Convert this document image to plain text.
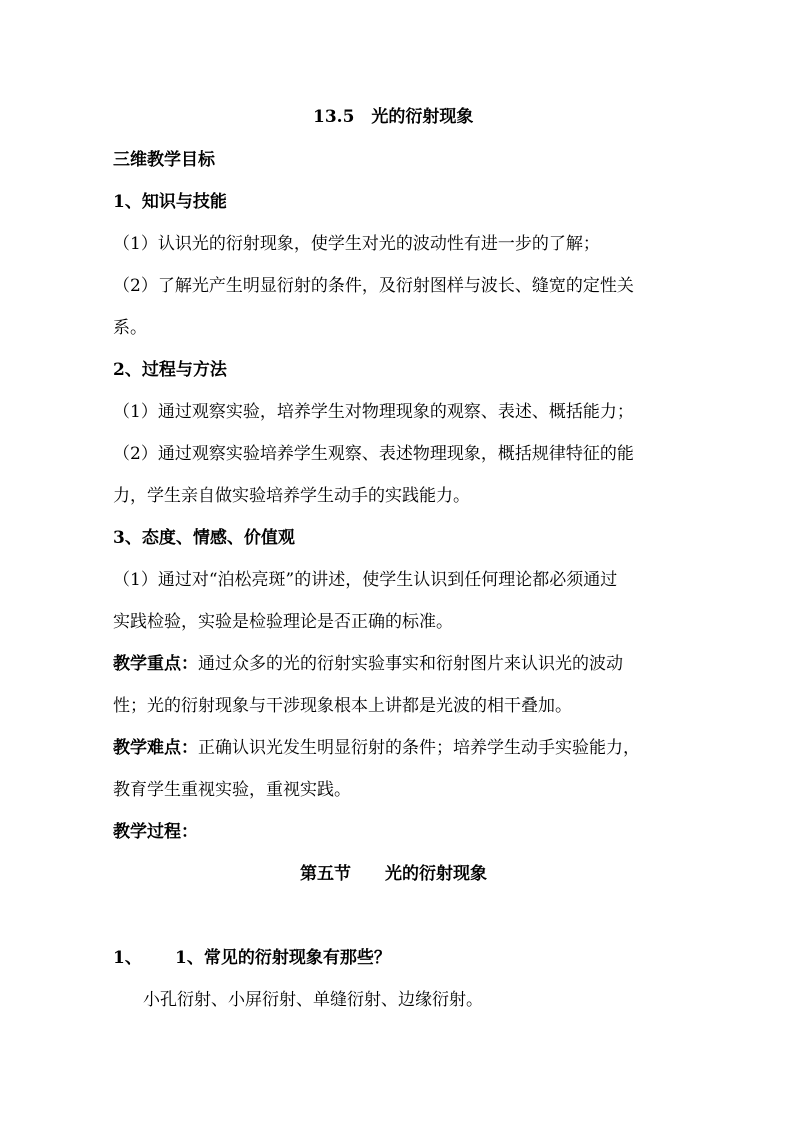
13.5　光的衍射现象
三维教学目标
1、知识与技能
（1）认识光的衍射现象，使学生对光的波动性有进一步的了解；
（2）了解光产生明显衍射的条件，及衍射图样与波长、缝宽的定性关
系。
2、过程与方法
（1）通过观察实验，培养学生对物理现象的观察、表述、概括能力；
（2）通过观察实验培养学生观察、表述物理现象，概括规律特征的能
力，学生亲自做实验培养学生动手的实践能力。
3、态度、情感、价值观
（1）通过对“泊松亮斑”的讲述，使学生认识到任何理论都必须通过
实践检验，实验是检验理论是否正确的标准。
教学重点：通过众多的光的衍射实验事实和衍射图片来认识光的波动
性；光的衍射现象与干涉现象根本上讲都是光波的相干叠加。
教学难点：正确认识光发生明显衍射的条件；培养学生动手实验能力，
教育学生重视实验，重视实践。
教学过程：
1、 1、常见的衍射现象有那些？
小孔衍射、小屏衍射、单缝衍射、边缘衍射。
第五节　　光的衍射现象
